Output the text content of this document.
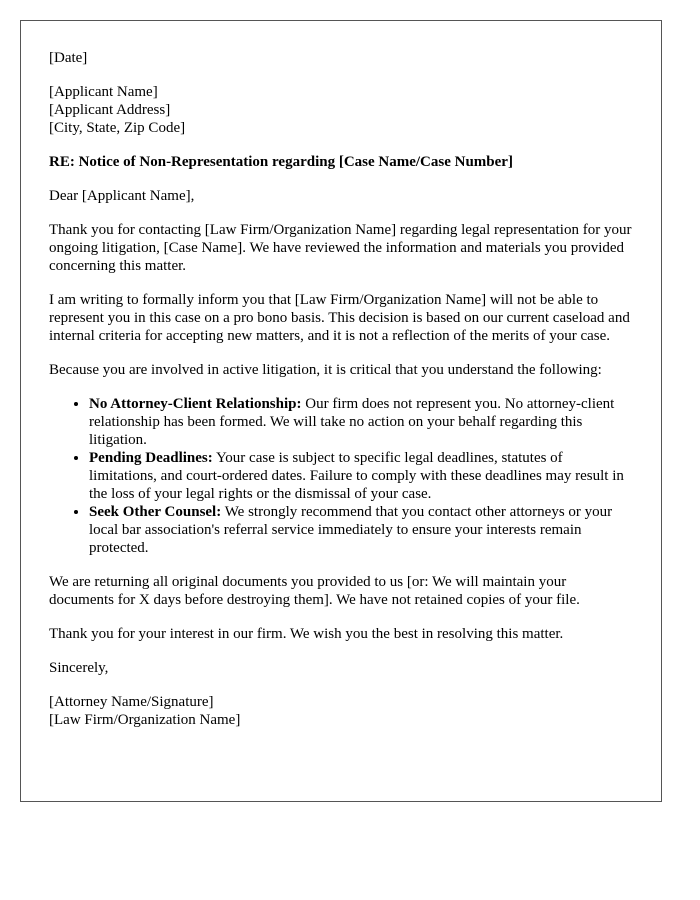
[Date]
[Applicant Name]
[Applicant Address]
[City, State, Zip Code]
RE: Notice of Non-Representation regarding [Case Name/Case Number]

Dear [Applicant Name],

Thank you for contacting [Law Firm/Organization Name] regarding legal representation for your ongoing litigation, [Case Name]. We have reviewed the information and materials you provided concerning this matter.

I am writing to formally inform you that [Law Firm/Organization Name] will not be able to represent you in this case on a pro bono basis. This decision is based on our current caseload and internal criteria for accepting new matters, and it is not a reflection of the merits of your case.

Because you are involved in active litigation, it is critical that you understand the following:

• No Attorney-Client Relationship: Our firm does not represent you. No attorney-client relationship has been formed. We will take no action on your behalf regarding this litigation.
• Pending Deadlines: Your case is subject to specific legal deadlines, statutes of limitations, and court-ordered dates. Failure to comply with these deadlines may result in the loss of your legal rights or the dismissal of your case.
• Seek Other Counsel: We strongly recommend that you contact other attorneys or your local bar association's referral service immediately to ensure your interests remain protected.

We are returning all original documents you provided to us [or: We will maintain your documents for X days before destroying them]. We have not retained copies of your file.

Thank you for your interest in our firm. We wish you the best in resolving this matter.

Sincerely,

[Attorney Name/Signature]
[Law Firm/Organization Name]
